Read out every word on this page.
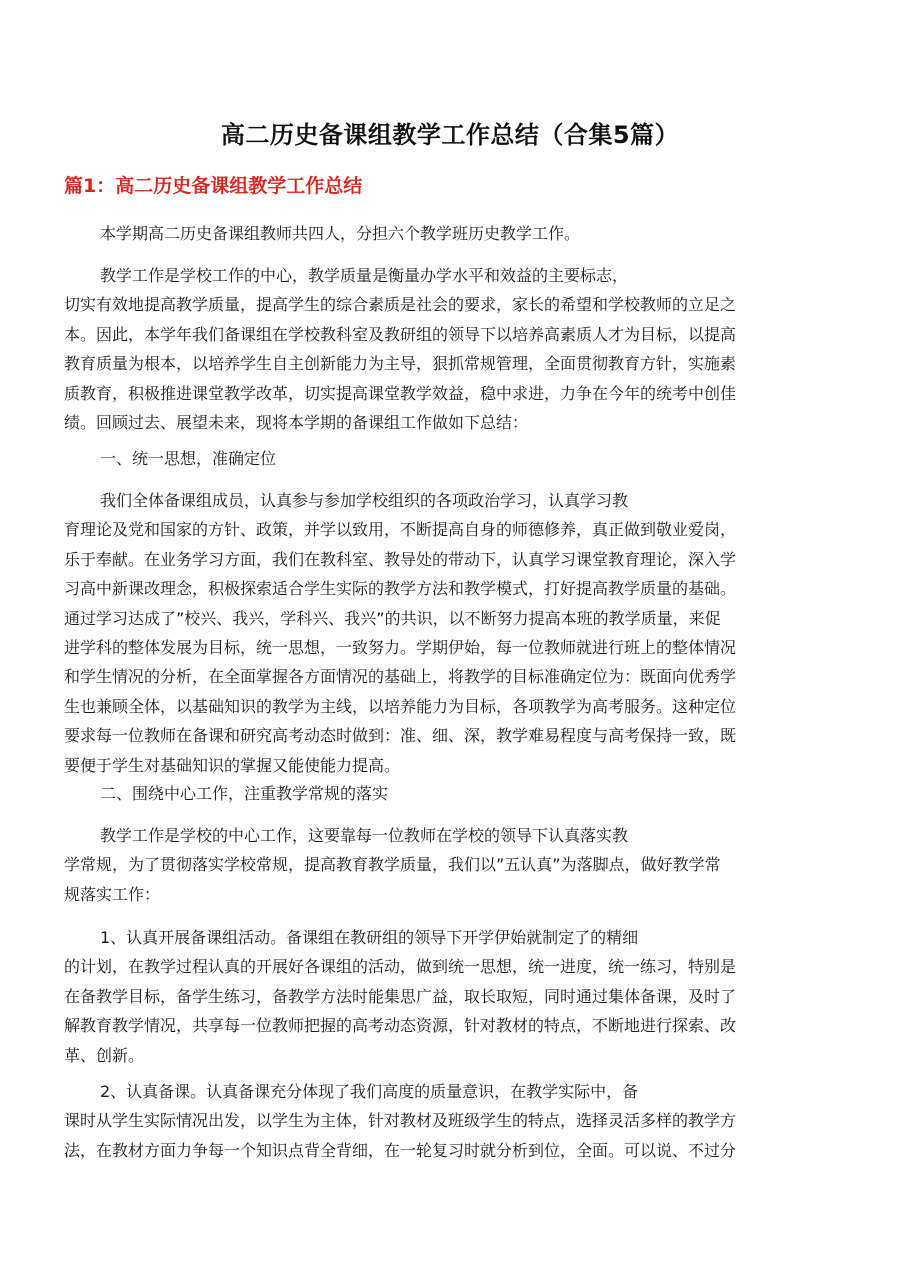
高二历史备课组教学工作总结（合集5篇）
篇1：高二历史备课组教学工作总结

本学期高二历史备课组教师共四人，分担六个教学班历史教学工作。

教学工作是学校工作的中心，教学质量是衡量办学水平和效益的主要标志，

切实有效地提高教学质量，提高学生的综合素质是社会的要求，家长的希望和学校教师的立足之

本。因此，本学年我们备课组在学校教科室及教研组的领导下以培养高素质人才为目标，以提高

教育质量为根本，以培养学生自主创新能力为主导，狠抓常规管理，全面贯彻教育方针，实施素

质教育，积极推进课堂教学改革，切实提高课堂教学效益，稳中求进，力争在今年的统考中创佳

绩。回顾过去、展望未来，现将本学期的备课组工作做如下总结：

一、统一思想，准确定位

我们全体备课组成员，认真参与参加学校组织的各项政治学习，认真学习教

育理论及党和国家的方针、政策，并学以致用，不断提高自身的师德修养，真正做到敬业爱岗，

乐于奉献。在业务学习方面，我们在教科室、教导处的带动下，认真学习课堂教育理论，深入学

习高中新课改理念，积极探索适合学生实际的教学方法和教学模式，打好提高教学质量的基础。

通过学习达成了”校兴、我兴，学科兴、我兴”的共识，以不断努力提高本班的教学质量，来促

进学科的整体发展为目标，统一思想，一致努力。学期伊始，每一位教师就进行班上的整体情况

和学生情况的分析，在全面掌握各方面情况的基础上，将教学的目标准确定位为：既面向优秀学

生也兼顾全体，以基础知识的教学为主线，以培养能力为目标，各项教学为高考服务。这种定位

要求每一位教师在备课和研究高考动态时做到：准、细、深，教学难易程度与高考保持一致，既

要便于学生对基础知识的掌握又能使能力提高。

二、围绕中心工作，注重教学常规的落实

教学工作是学校的中心工作，这要靠每一位教师在学校的领导下认真落实教

学常规，为了贯彻落实学校常规，提高教育教学质量，我们以”五认真”为落脚点，做好教学常

规落实工作：

1、认真开展备课组活动。备课组在教研组的领导下开学伊始就制定了的精细

的计划，在教学过程认真的开展好各课组的活动，做到统一思想，统一进度，统一练习，特别是

在备教学目标，备学生练习，备教学方法时能集思广益，取长取短，同时通过集体备课，及时了

解教育教学情况，共享每一位教师把握的高考动态资源，针对教材的特点，不断地进行探索、改

革、创新。

2、认真备课。认真备课充分体现了我们高度的质量意识，在教学实际中，备

课时从学生实际情况出发，以学生为主体，针对教材及班级学生的特点，选择灵活多样的教学方

法，在教材方面力争每一个知识点背全背细，在一轮复习时就分析到位，全面。可以说、不过分
